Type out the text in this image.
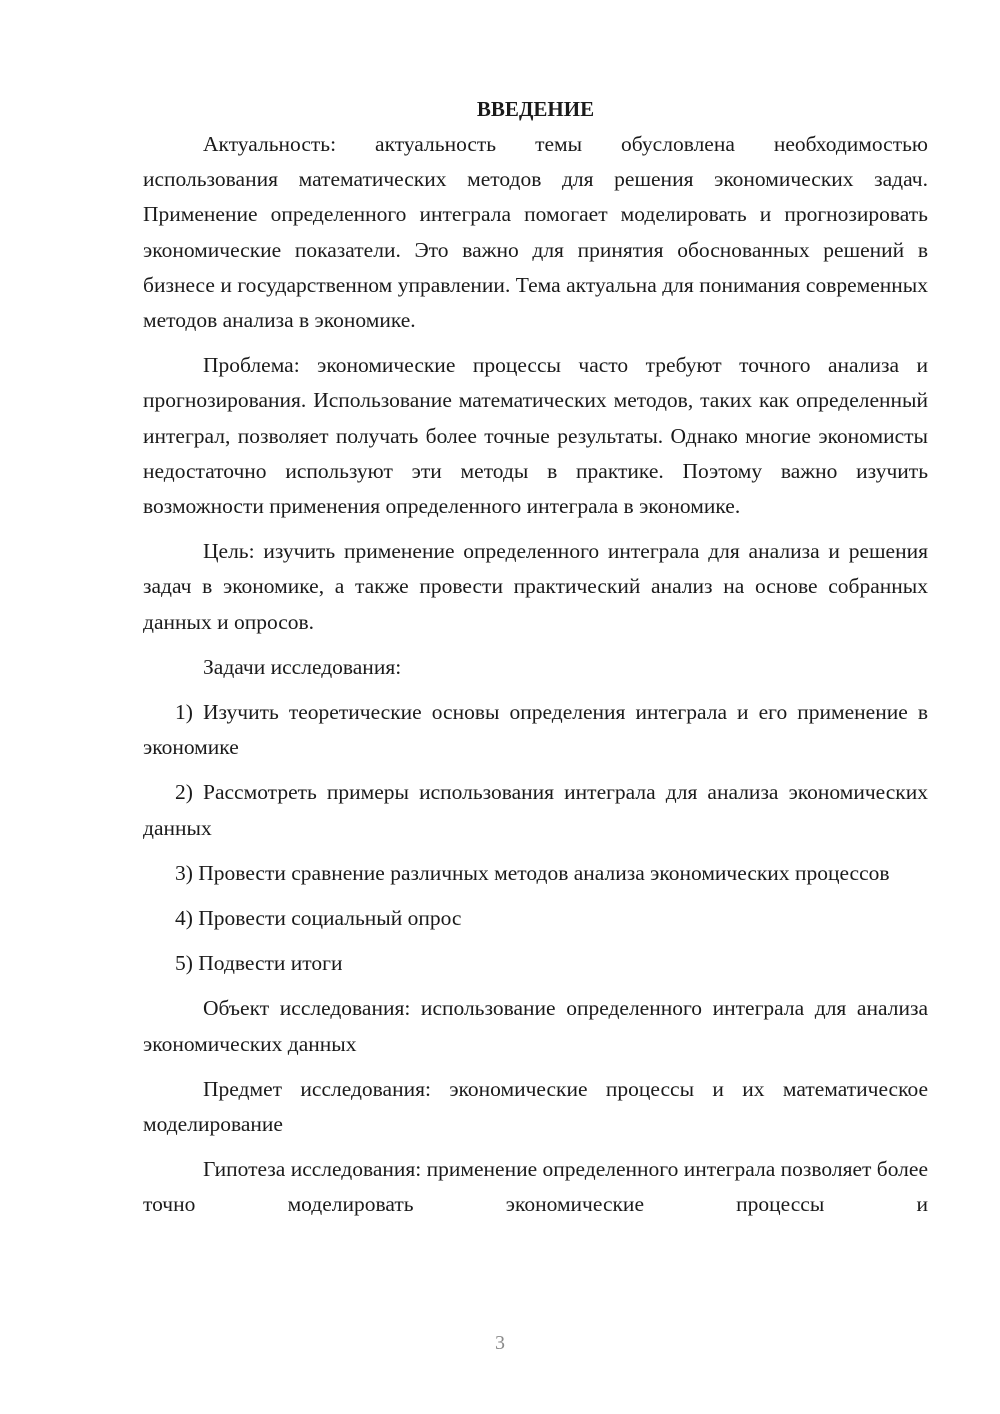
ВВЕДЕНИЕ

Актуальность: актуальность темы обусловлена необходимостью использования математических методов для решения экономических задач. Применение определенного интеграла помогает моделировать и прогнозировать экономические показатели. Это важно для принятия обоснованных решений в бизнесе и государственном управлении. Тема актуальна для понимания современных методов анализа в экономике.

Проблема: экономические процессы часто требуют точного анализа и прогнозирования. Использование математических методов, таких как определенный интеграл, позволяет получать более точные результаты. Однако многие экономисты недостаточно используют эти методы в практике. Поэтому важно изучить возможности применения определенного интеграла в экономике.

Цель: изучить применение определенного интеграла для анализа и решения задач в экономике, а также провести практический анализ на основе собранных данных и опросов.

Задачи исследования:

1) Изучить теоретические основы определения интеграла и его применение в экономике

2) Рассмотреть примеры использования интеграла для анализа экономических данных

3) Провести сравнение различных методов анализа экономических процессов

4) Провести социальный опрос

5) Подвести итоги

Объект исследования: использование определенного интеграла для анализа экономических данных

Предмет исследования: экономические процессы и их математическое моделирование

Гипотеза исследования: применение определенного интеграла позволяет более точно моделировать экономические процессы и

3
